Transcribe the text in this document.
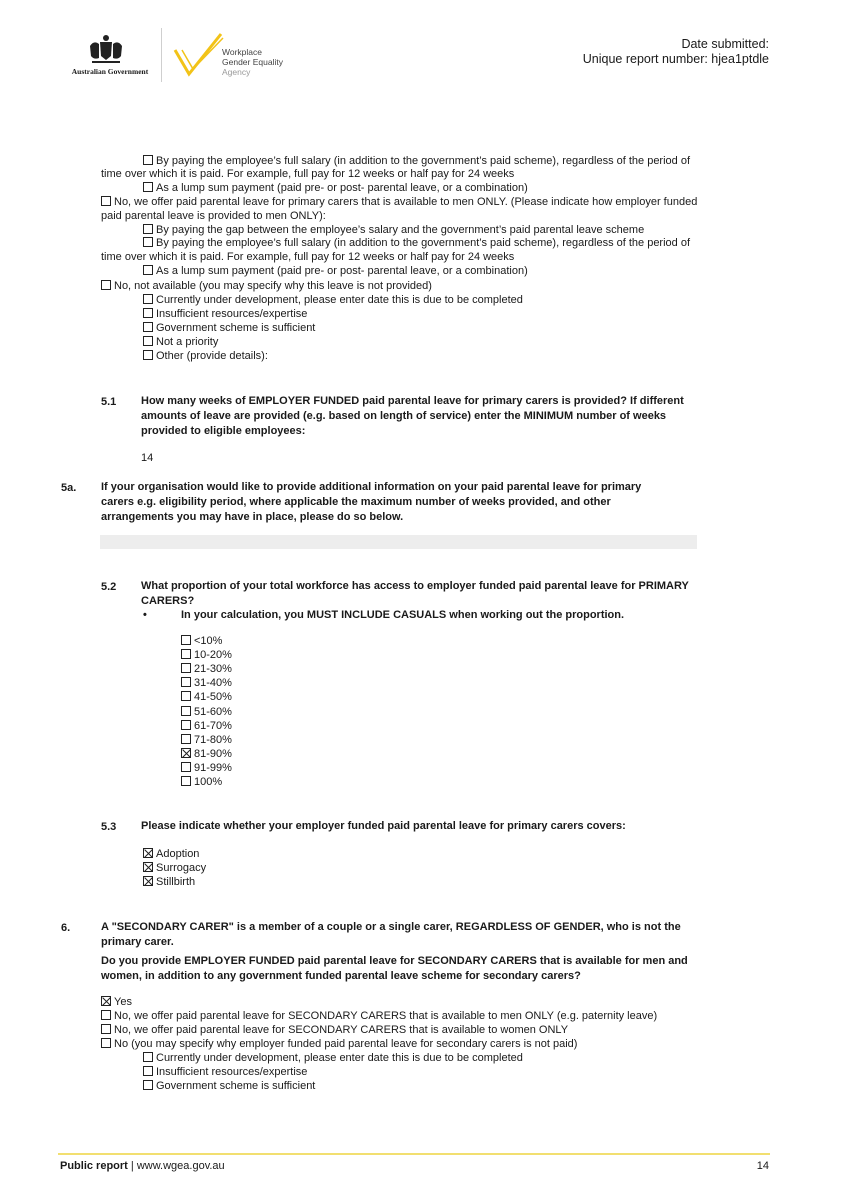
Australian Government
Workplace
Gender Equality
Agency
Date submitted:
Unique report number: hjea1ptdle
By paying the employee’s full salary (in addition to the government’s paid scheme), regardless of the period of
time over which it is paid. For example, full pay for 12 weeks or half pay for 24 weeks
As a lump sum payment (paid pre- or post- parental leave, or a combination)
No, we offer paid parental leave for primary carers that is available to men ONLY. (Please indicate how employer funded
paid parental leave is provided to men ONLY):
By paying the gap between the employee’s salary and the government’s paid parental leave scheme
By paying the employee’s full salary (in addition to the government’s paid scheme), regardless of the period of
time over which it is paid. For example, full pay for 12 weeks or half pay for 24 weeks
As a lump sum payment (paid pre- or post- parental leave, or a combination)
No, not available (you may specify why this leave is not provided)
Currently under development, please enter date this is due to be completed
Insufficient resources/expertise
Government scheme is sufficient
Not a priority
Other (provide details):
5.1 How many weeks of EMPLOYER FUNDED paid parental leave for primary carers is provided? If different
amounts of leave are provided (e.g. based on length of service) enter the MINIMUM number of weeks
provided to eligible employees:
14
5a. If your organisation would like to provide additional information on your paid parental leave for primary
carers e.g. eligibility period, where applicable the maximum number of weeks provided, and other
arrangements you may have in place, please do so below.
5.2 What proportion of your total workforce has access to employer funded paid parental leave for PRIMARY
CARERS?
•	In your calculation, you MUST INCLUDE CASUALS when working out the proportion.
<10%
10-20%
21-30%
31-40%
41-50%
51-60%
61-70%
71-80%
81-90%
91-99%
100%
5.3 Please indicate whether your employer funded paid parental leave for primary carers covers:
Adoption
Surrogacy
Stillbirth
6.	A "SECONDARY CARER" is a member of a couple or a single carer, REGARDLESS OF GENDER, who is not the
primary carer.
Do you provide EMPLOYER FUNDED paid parental leave for SECONDARY CARERS that is available for men and
women, in addition to any government funded parental leave scheme for secondary carers?
Yes
No, we offer paid parental leave for SECONDARY CARERS that is available to men ONLY (e.g. paternity leave)
No, we offer paid parental leave for SECONDARY CARERS that is available to women ONLY
No (you may specify why employer funded paid parental leave for secondary carers is not paid)
Currently under development, please enter date this is due to be completed
Insufficient resources/expertise
Government scheme is sufficient
Public report | www.wgea.gov.au	14
